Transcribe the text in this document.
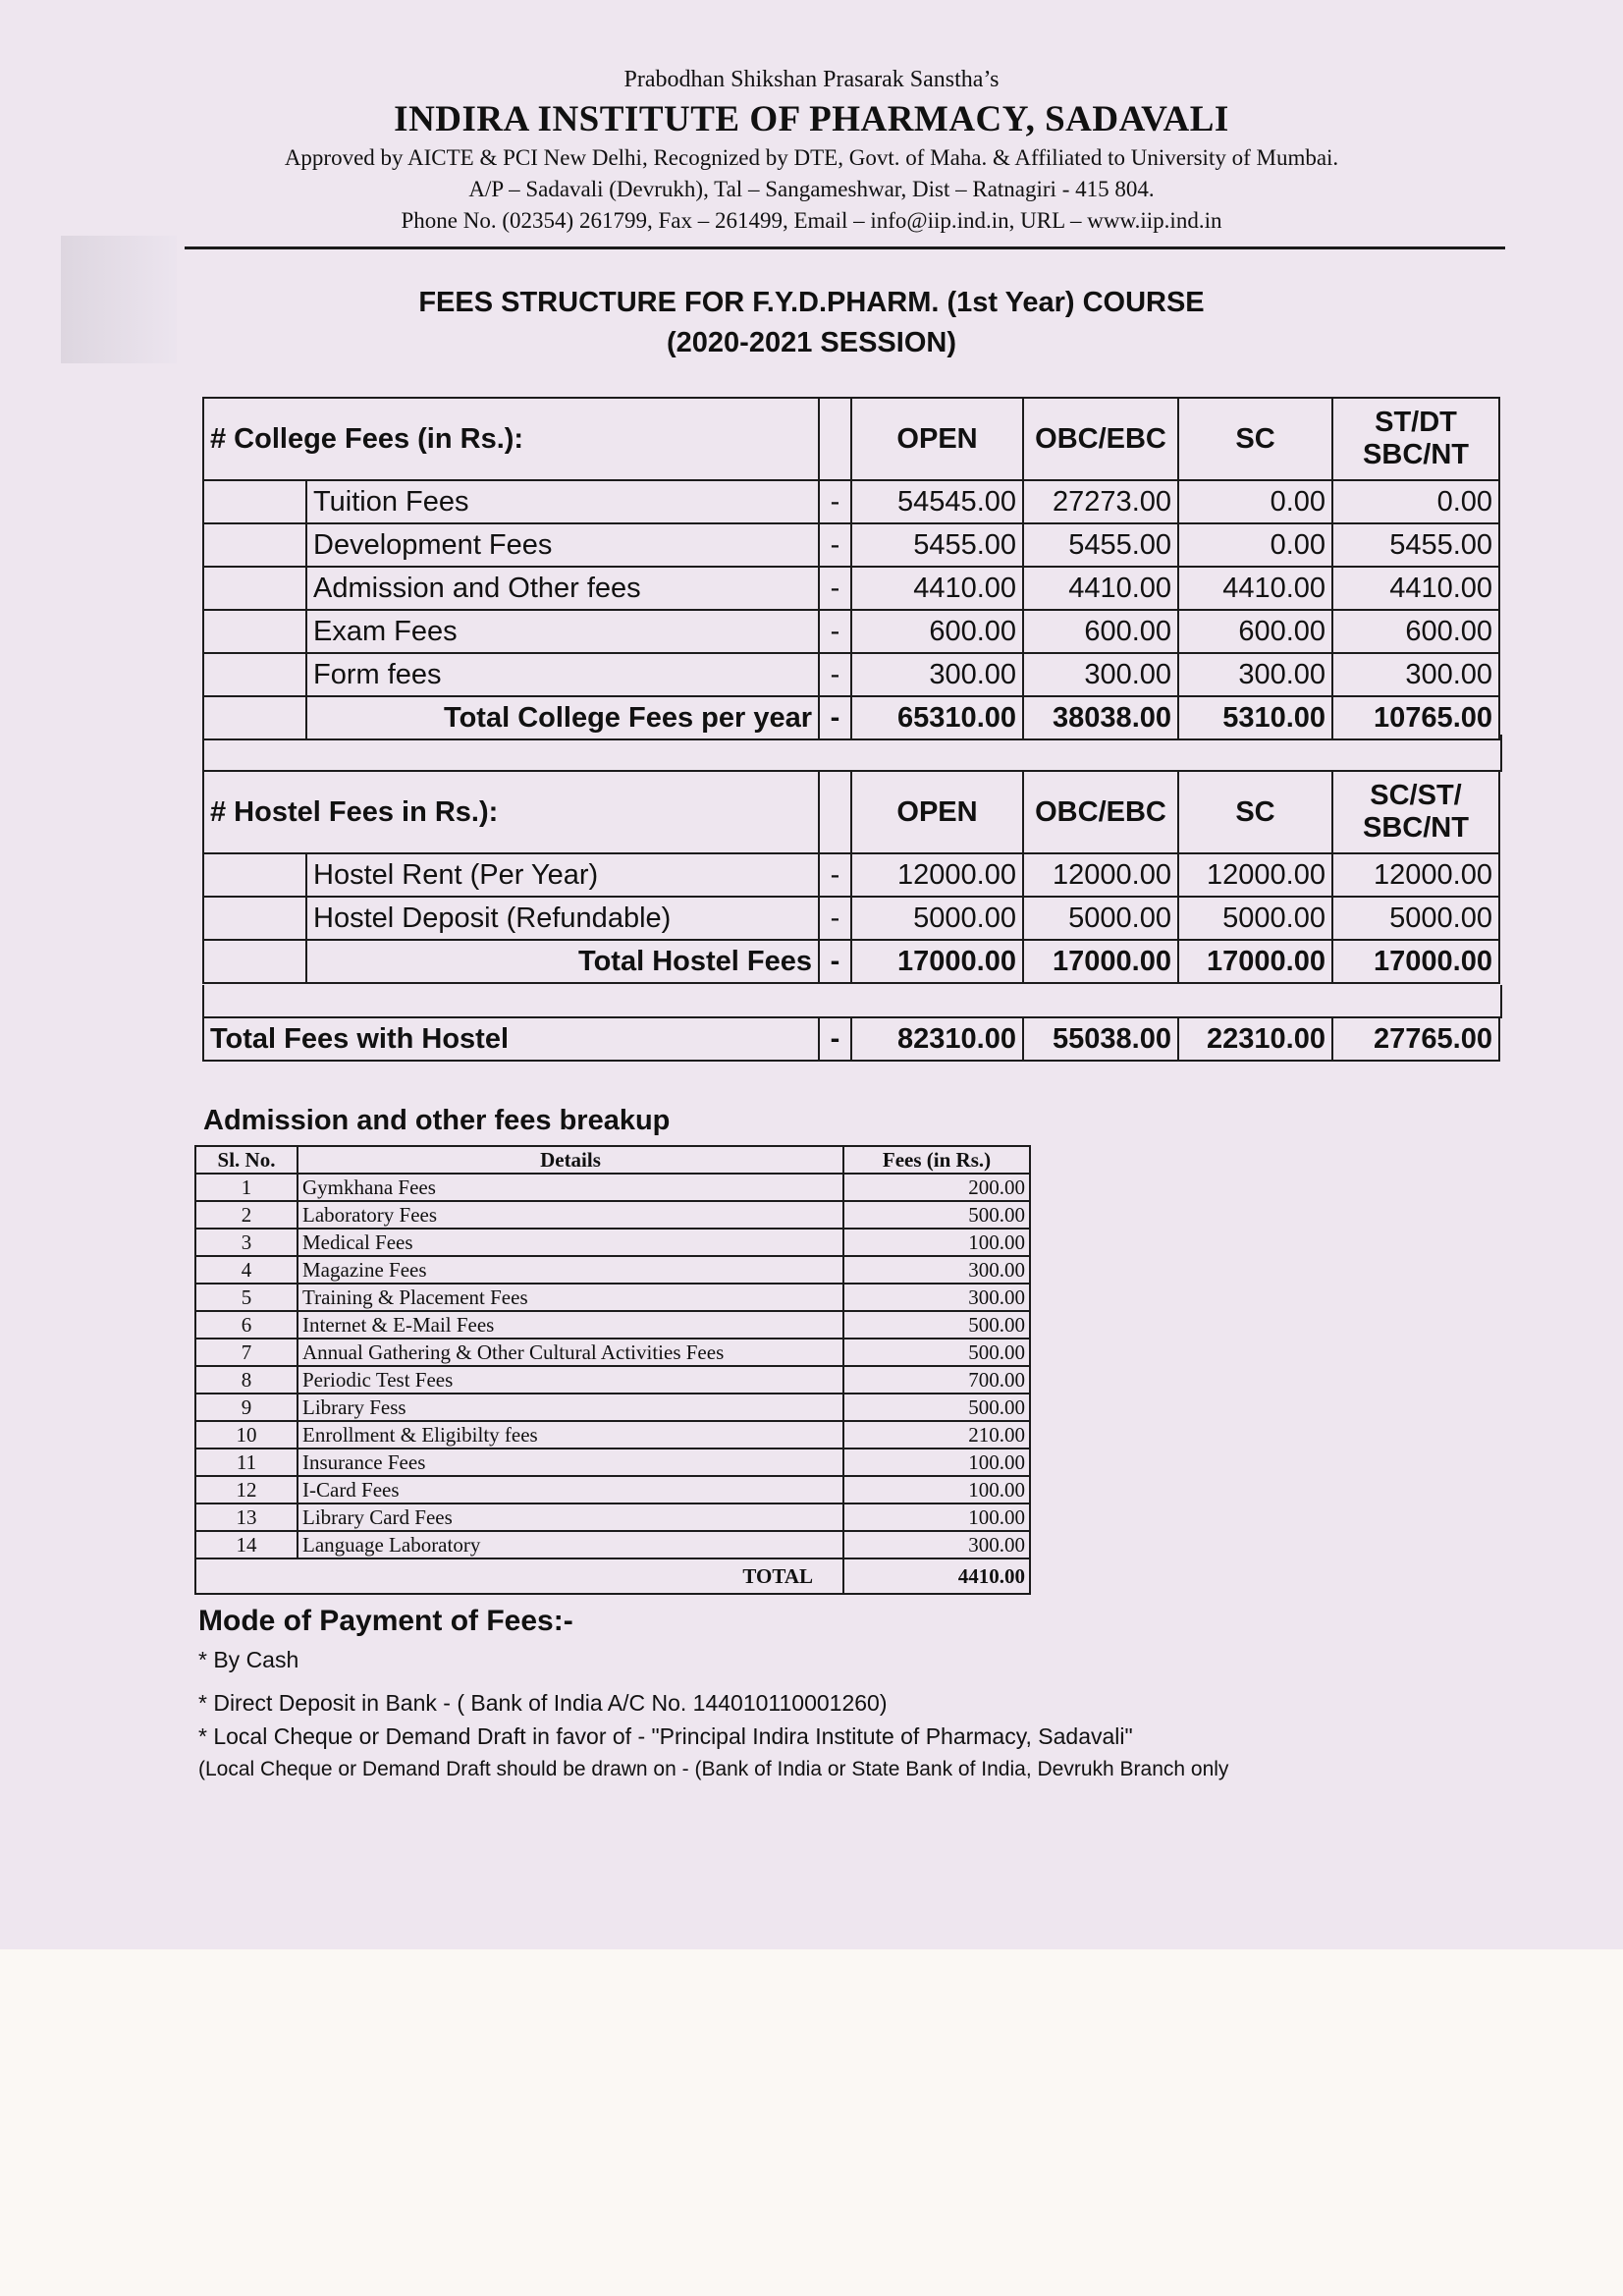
Prabodhan Shikshan Prasarak Sanstha’s
INDIRA INSTITUTE OF PHARMACY, SADAVALI
Approved by AICTE & PCI New Delhi, Recognized by DTE, Govt. of Maha. & Affiliated to University of Mumbai.
A/P – Sadavali (Devrukh), Tal – Sangameshwar, Dist – Ratnagiri - 415 804.
Phone No. (02354) 261799, Fax – 261499, Email – info@iip.ind.in, URL – www.iip.ind.in
FEES STRUCTURE FOR F.Y.D.PHARM. (1st Year) COURSE
(2020-2021 SESSION)
# College Fees (in Rs.):			OPEN	OBC/EBC	SC	ST/DT SBC/NT
	Tuition Fees	-	54545.00	27273.00	0.00	0.00
	Development Fees	-	5455.00	5455.00	0.00	5455.00
	Admission and Other fees	-	4410.00	4410.00	4410.00	4410.00
	Exam Fees	-	600.00	600.00	600.00	600.00
	Form fees	-	300.00	300.00	300.00	300.00
	Total College Fees per year	-	65310.00	38038.00	5310.00	10765.00
# Hostel Fees in Rs.):			OPEN	OBC/EBC	SC	SC/ST/ SBC/NT
	Hostel Rent (Per Year)	-	12000.00	12000.00	12000.00	12000.00
	Hostel Deposit (Refundable)	-	5000.00	5000.00	5000.00	5000.00
	Total Hostel Fees	-	17000.00	17000.00	17000.00	17000.00
Total Fees with Hostel	-	82310.00	55038.00	22310.00	27765.00
Admission and other fees breakup
Sl. No.	Details	Fees (in Rs.)
1	Gymkhana Fees	200.00
2	Laboratory Fees	500.00
3	Medical Fees	100.00
4	Magazine Fees	300.00
5	Training & Placement Fees	300.00
6	Internet & E-Mail Fees	500.00
7	Annual Gathering & Other Cultural Activities Fees	500.00
8	Periodic Test Fees	700.00
9	Library Fess	500.00
10	Enrollment & Eligibilty fees	210.00
11	Insurance Fees	100.00
12	I-Card Fees	100.00
13	Library Card Fees	100.00
14	Language Laboratory	300.00
TOTAL		4410.00
Mode of Payment of Fees:-
* By Cash
* Direct Deposit in Bank - ( Bank of India A/C No. 144010110001260)
* Local Cheque or Demand Draft in favor of - "Principal Indira Institute of Pharmacy, Sadavali"
(Local Cheque or Demand Draft should be drawn on - (Bank of India or State Bank of India, Devrukh Branch only
